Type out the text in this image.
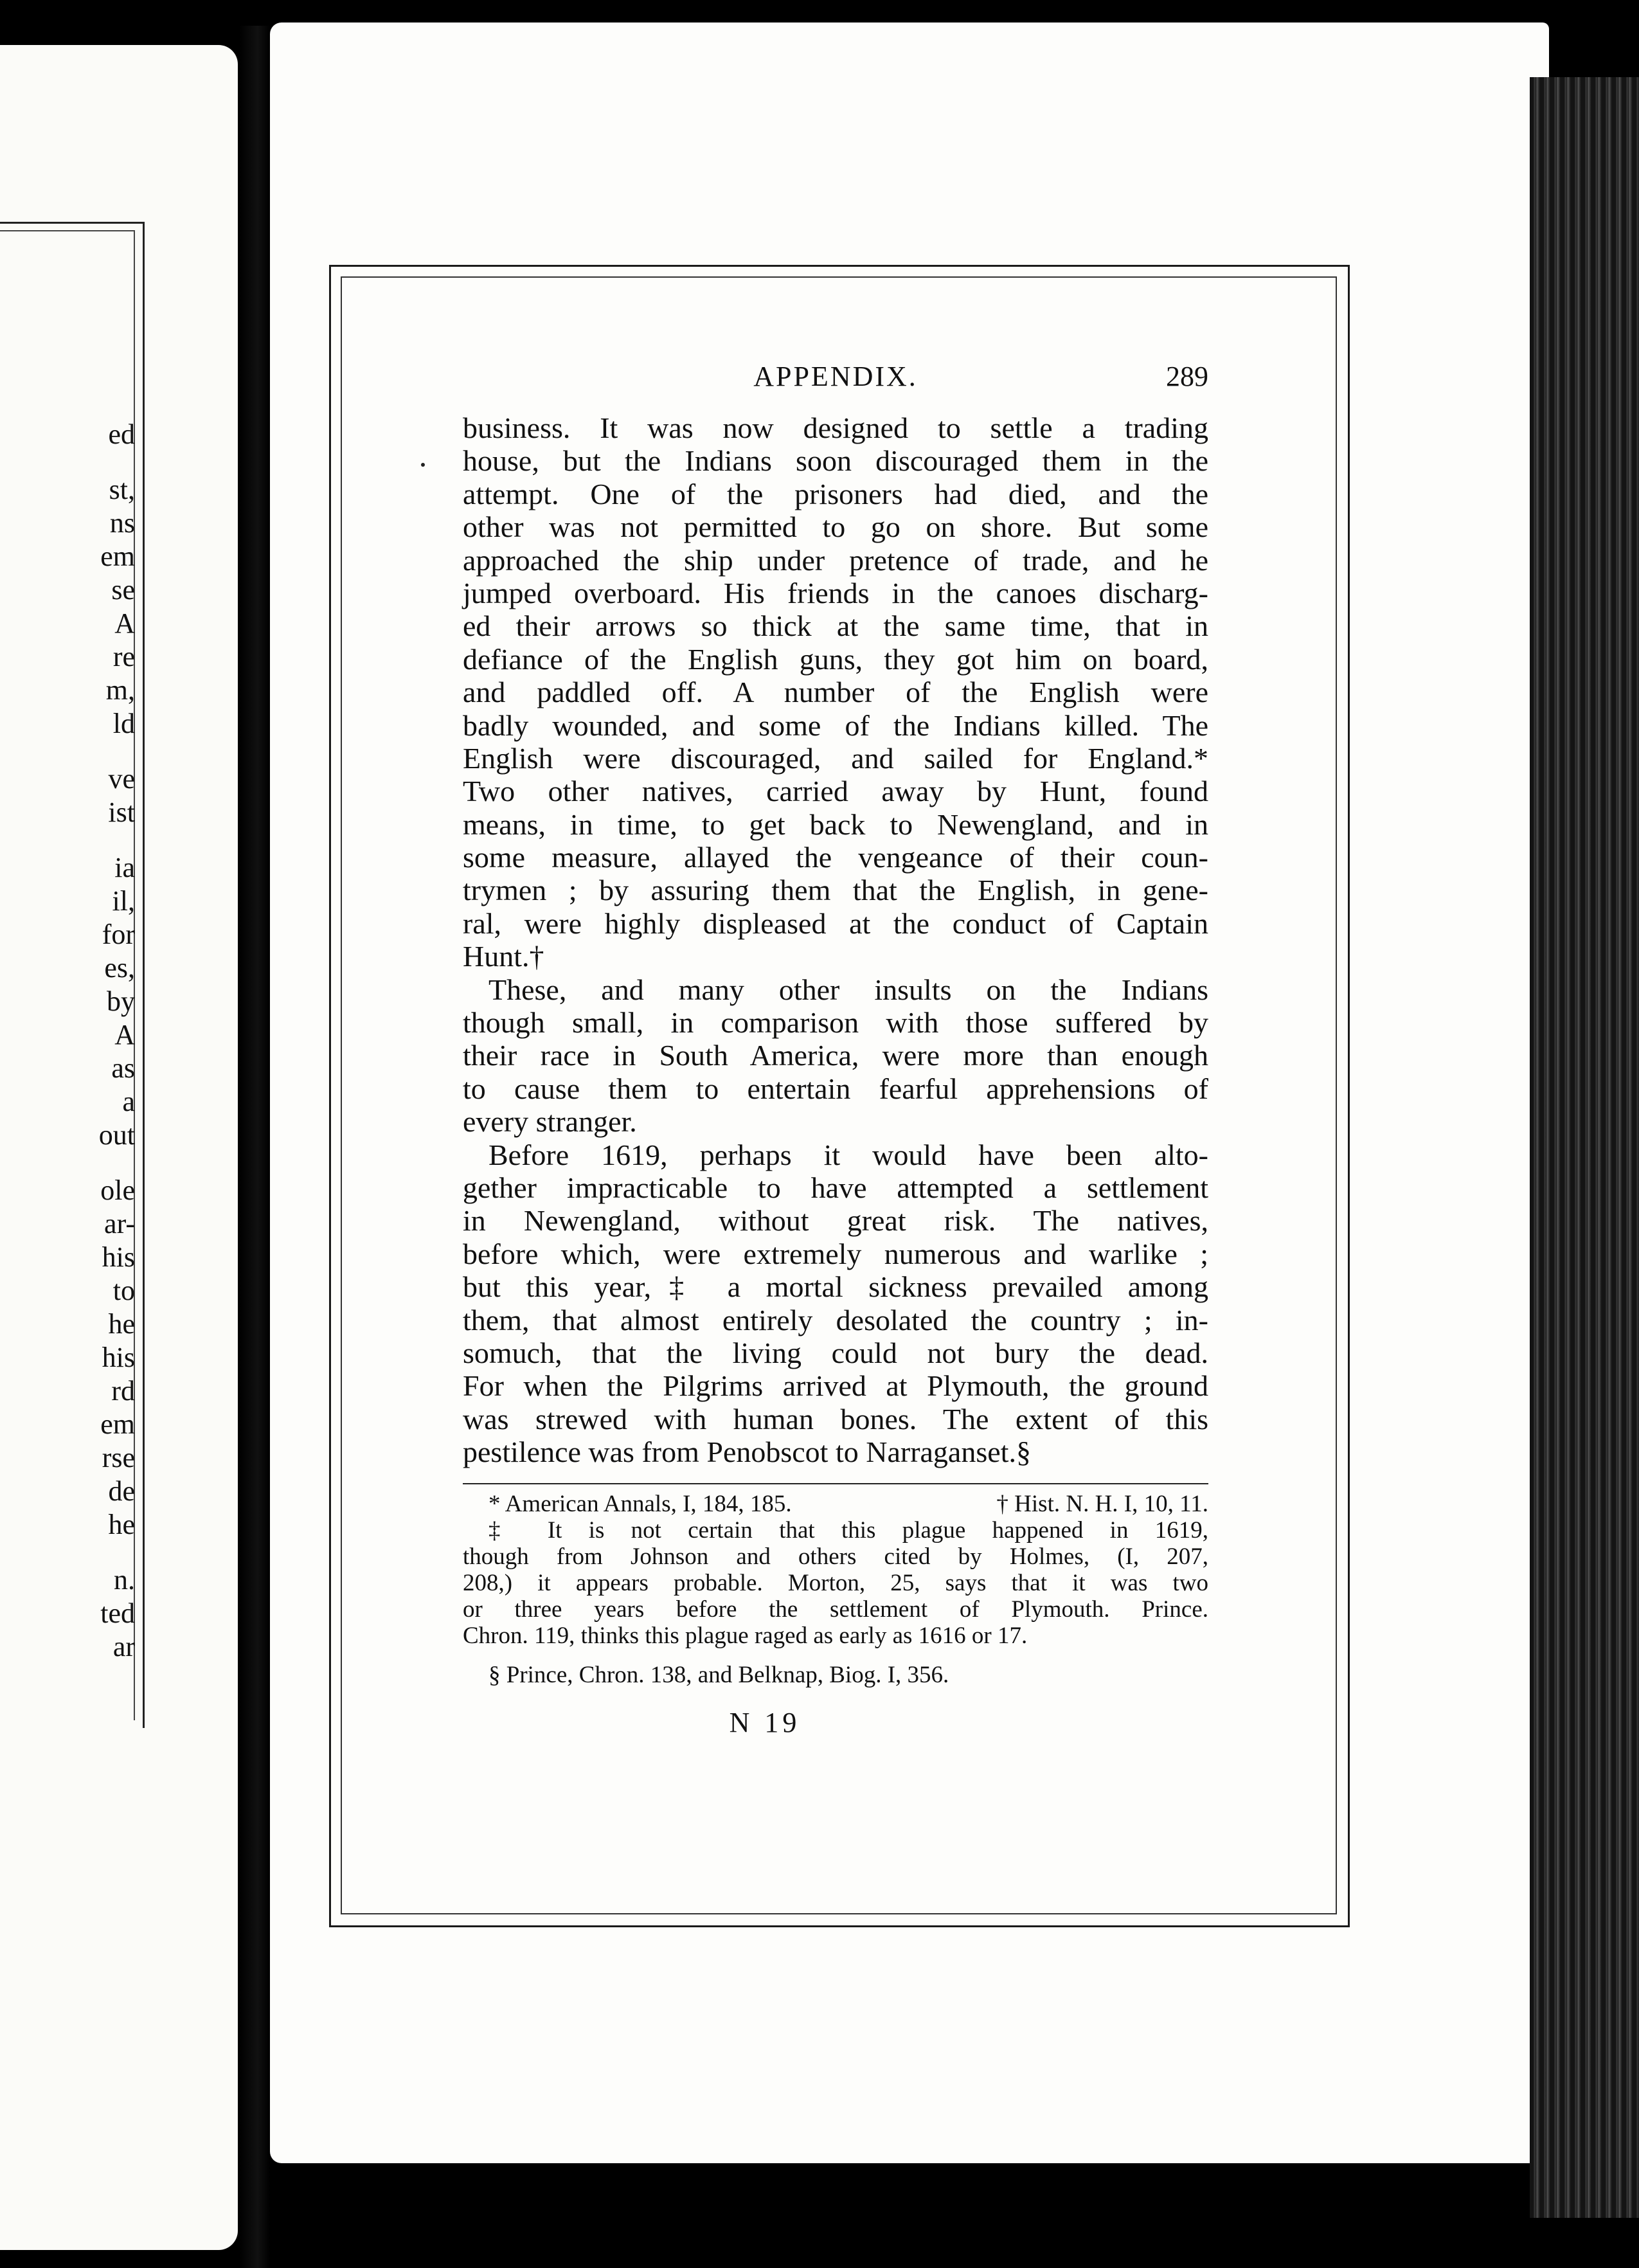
ed
st,
ns
em
se
A
re
m,
ld
ve
ist
ia
il,
for
es,
by
A
as
a
out
ole
ar-
his
to
he
his
rd
em
rse
de
he
n.
ted
ar
APPENDIX.	289
business. It was now designed to settle a trading
house, but the Indians soon discouraged them in the
attempt. One of the prisoners had died, and the
other was not permitted to go on shore. But some
approached the ship under pretence of trade, and he
jumped overboard. His friends in the canoes discharg-
ed their arrows so thick at the same time, that in
defiance of the English guns, they got him on board,
and paddled off. A number of the English were
badly wounded, and some of the Indians killed. The
English were discouraged, and sailed for England.*
Two other natives, carried away by Hunt, found
means, in time, to get back to Newengland, and in
some measure, allayed the vengeance of their coun-
trymen ; by assuring them that the English, in gene-
ral, were highly displeased at the conduct of Captain
Hunt.†
These, and many other insults on the Indians
though small, in comparison with those suffered by
their race in South America, were more than enough
to cause them to entertain fearful apprehensions of
every stranger.
Before 1619, perhaps it would have been alto-
gether impracticable to have attempted a settlement
in Newengland, without great risk. The natives,
before which, were extremely numerous and warlike ;
but this year,‡ a mortal sickness prevailed among
them, that almost entirely desolated the country ; in-
somuch, that the living could not bury the dead.
For when the Pilgrims arrived at Plymouth, the ground
was strewed with human bones. The extent of this
pestilence was from Penobscot to Narraganset.§
* American Annals, I, 184, 185.	† Hist. N. H. I, 10, 11.
‡ It is not certain that this plague happened in 1619,
though from Johnson and others cited by Holmes, (I, 207,
208,) it appears probable. Morton, 25, says that it was two
or three years before the settlement of Plymouth. Prince.
Chron. 119, thinks this plague raged as early as 1616 or 17.
§ Prince, Chron. 138, and Belknap, Biog. I, 356.
N 19
